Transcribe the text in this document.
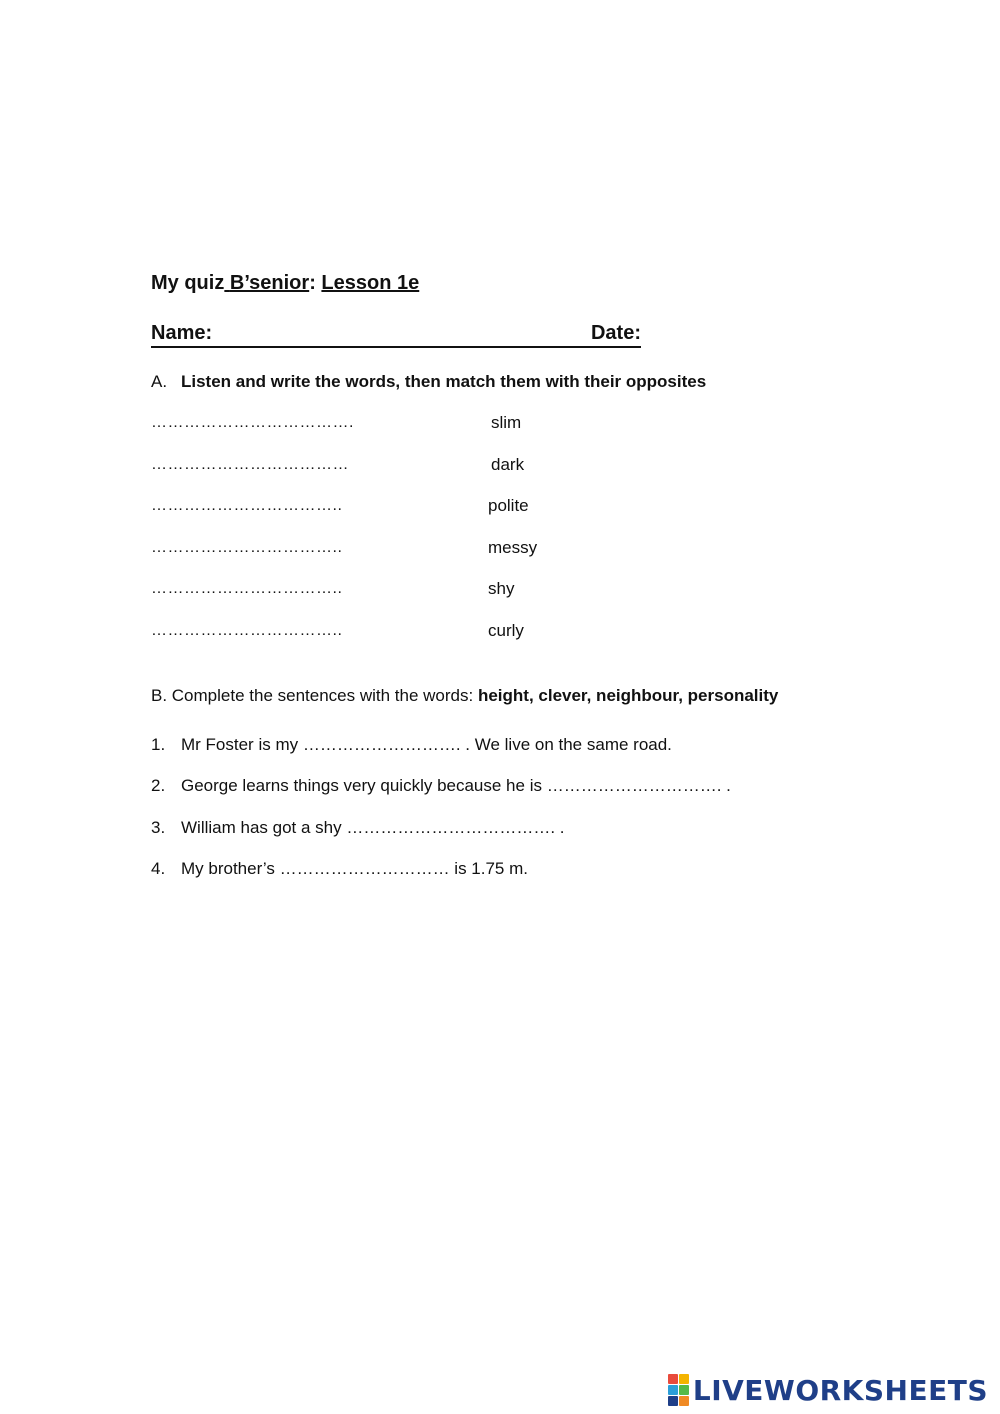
My quiz B’senior: Lesson 1e
Name:	Date:
A. Listen and write the words, then match them with their opposites
……………………………….	slim
………………………………	dark
……………………………..	polite
……………………………..	messy
……………………………..	shy
……………………………..	curly
B. Complete the sentences with the words: height, clever, neighbour, personality
1. Mr Foster is my ………………………. . We live on the same road.
2. George learns things very quickly because he is …………………………. .
3. William has got a shy ………………………………. .
4. My brother’s ………………………… is 1.75 m.
LIVEWORKSHEETS
